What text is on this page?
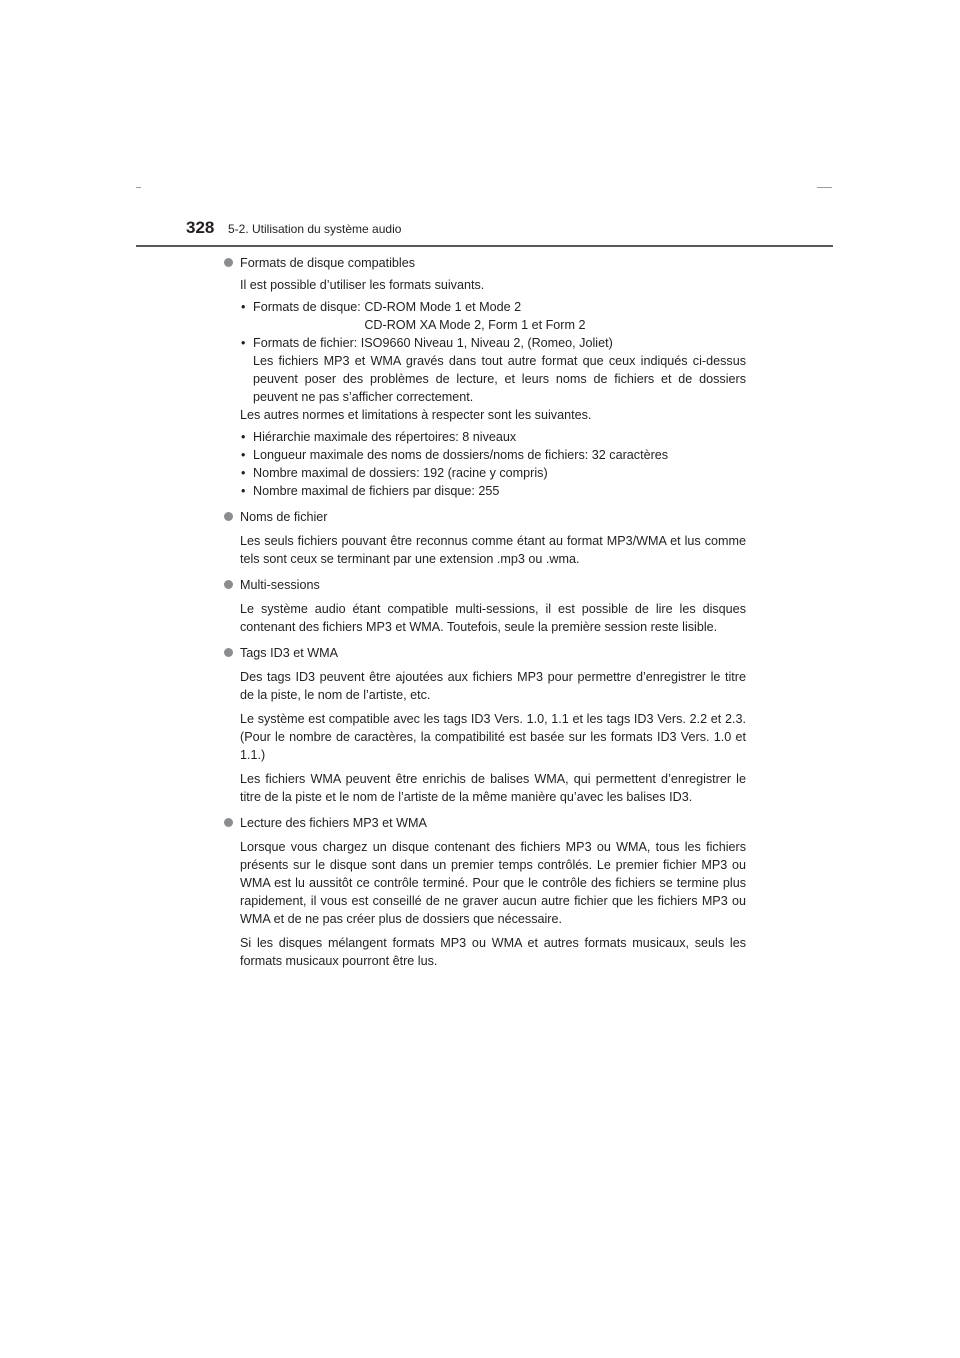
328 5-2. Utilisation du système audio
Formats de disque compatibles

Il est possible d’utiliser les formats suivants.

• Formats de disque:
CD-ROM Mode 1 et Mode 2
CD-ROM XA Mode 2, Form 1 et Form 2
• Formats de fichier: ISO9660 Niveau 1, Niveau 2, (Romeo, Joliet)
Les fichiers MP3 et WMA gravés dans tout autre format que ceux indiqués ci-dessus peuvent poser des problèmes de lecture, et leurs noms de fichiers et de dossiers peuvent ne pas s’afficher correctement.

Les autres normes et limitations à respecter sont les suivantes.

• Hiérarchie maximale des répertoires: 8 niveaux
• Longueur maximale des noms de dossiers/noms de fichiers: 32 caractères
• Nombre maximal de dossiers: 192 (racine y compris)
• Nombre maximal de fichiers par disque: 255
Noms de fichier

Les seuls fichiers pouvant être reconnus comme étant au format MP3/WMA et lus comme tels sont ceux se terminant par une extension .mp3 ou .wma.

Multi-sessions

Le système audio étant compatible multi-sessions, il est possible de lire les disques contenant des fichiers MP3 et WMA. Toutefois, seule la première session reste lisible.

Tags ID3 et WMA

Des tags ID3 peuvent être ajoutées aux fichiers MP3 pour permettre d’enregistrer le titre de la piste, le nom de l’artiste, etc.

Le système est compatible avec les tags ID3 Vers. 1.0, 1.1 et les tags ID3 Vers. 2.2 et 2.3. (Pour le nombre de caractères, la compatibilité est basée sur les formats ID3 Vers. 1.0 et 1.1.)

Les fichiers WMA peuvent être enrichis de balises WMA, qui permettent d’enregistrer le titre de la piste et le nom de l’artiste de la même manière qu’avec les balises ID3.

Lecture des fichiers MP3 et WMA

Lorsque vous chargez un disque contenant des fichiers MP3 ou WMA, tous les fichiers présents sur le disque sont dans un premier temps contrôlés. Le premier fichier MP3 ou WMA est lu aussitôt ce contrôle terminé. Pour que le contrôle des fichiers se termine plus rapidement, il vous est conseillé de ne graver aucun autre fichier que les fichiers MP3 ou WMA et de ne pas créer plus de dossiers que nécessaire.

Si les disques mélangent formats MP3 ou WMA et autres formats musicaux, seuls les formats musicaux pourront être lus.
